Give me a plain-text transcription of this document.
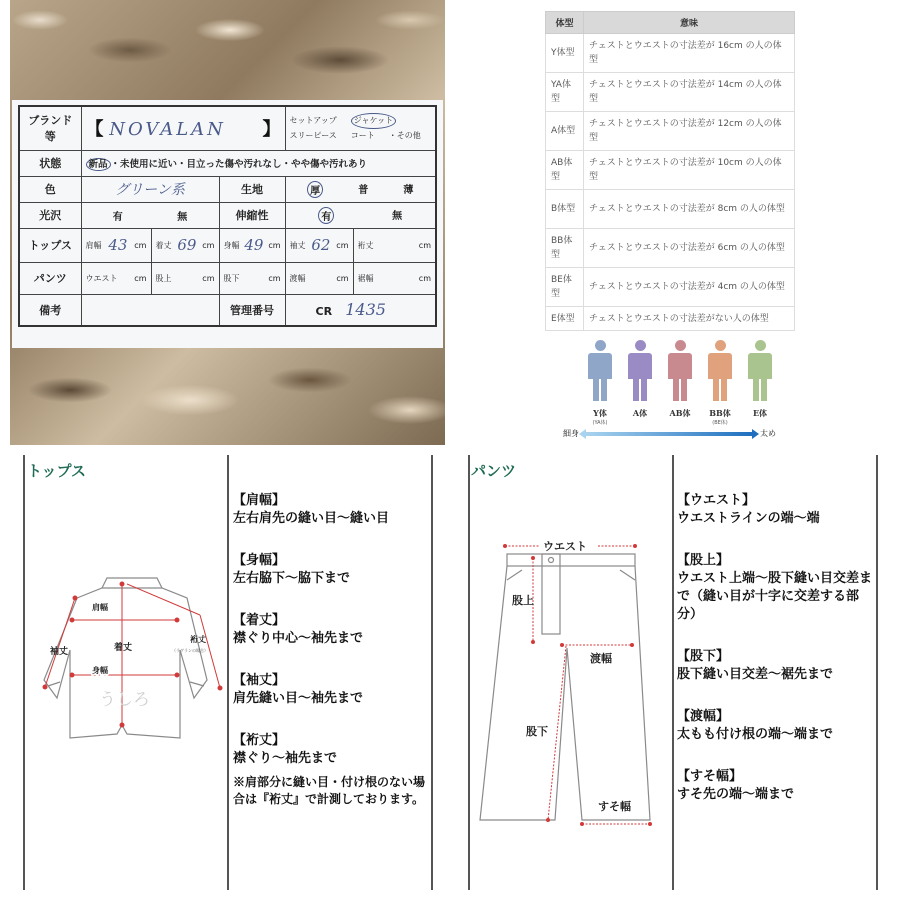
ブランド等	【 NOVALAN 】	セットアップ ジャケット
スリーピース コート ・その他

状態	新品 ・未使用に近い・目立った傷や汚れなし・やや傷や汚れあり				
色	グリーン系		生地	厚 普 薄	

光沢	有 無		伸縮性	有 無	

トップス	肩幅 43 cm	着丈 69 cm	身幅 49 cm	袖丈 62 cm	裄丈 cm

パンツ	ウエスト cm	股上 cm	股下 cm	渡幅 cm	裾幅 cm

備考			管理番号	CR 1435	
体型	意味
Y体型	チェストとウエストの寸法差が 16cm の人の体型
YA体型	チェストとウエストの寸法差が 14cm の人の体型
A体型	チェストとウエストの寸法差が 12cm の人の体型
AB体型	チェストとウエストの寸法差が 10cm の人の体型
B体型	チェストとウエストの寸法差が 8cm の人の体型
BB体型	チェストとウエストの寸法差が 6cm の人の体型
BE体型	チェストとウエストの寸法差が 4cm の人の体型
E体型	チェストとウエストの寸法差がない人の体型
Y体	A体	AB体	BB体	E体
(YA体)	(BE体)
細身	太め
トップス
袖丈
肩幅
着丈
身幅
裄丈
（ラグランの場合）
うしろ
【肩幅】
左右肩先の縫い目〜縫い目
【身幅】
左右脇下〜脇下まで
【着丈】
襟ぐり中心〜袖先まで
【袖丈】
肩先縫い目〜袖先まで
【裄丈】
襟ぐり〜袖先まで
※肩部分に縫い目・付け根のない場合は『裄丈』で計測しております。
パンツ
ウエスト
股上
渡幅
股下
すそ幅
【ウエスト】
ウエストラインの端〜端
【股上】
ウエスト上端〜股下縫い目交差まで（縫い目が十字に交差する部分）
【股下】
股下縫い目交差〜裾先まで
【渡幅】
太もも付け根の端〜端まで
【すそ幅】
すそ先の端〜端まで
